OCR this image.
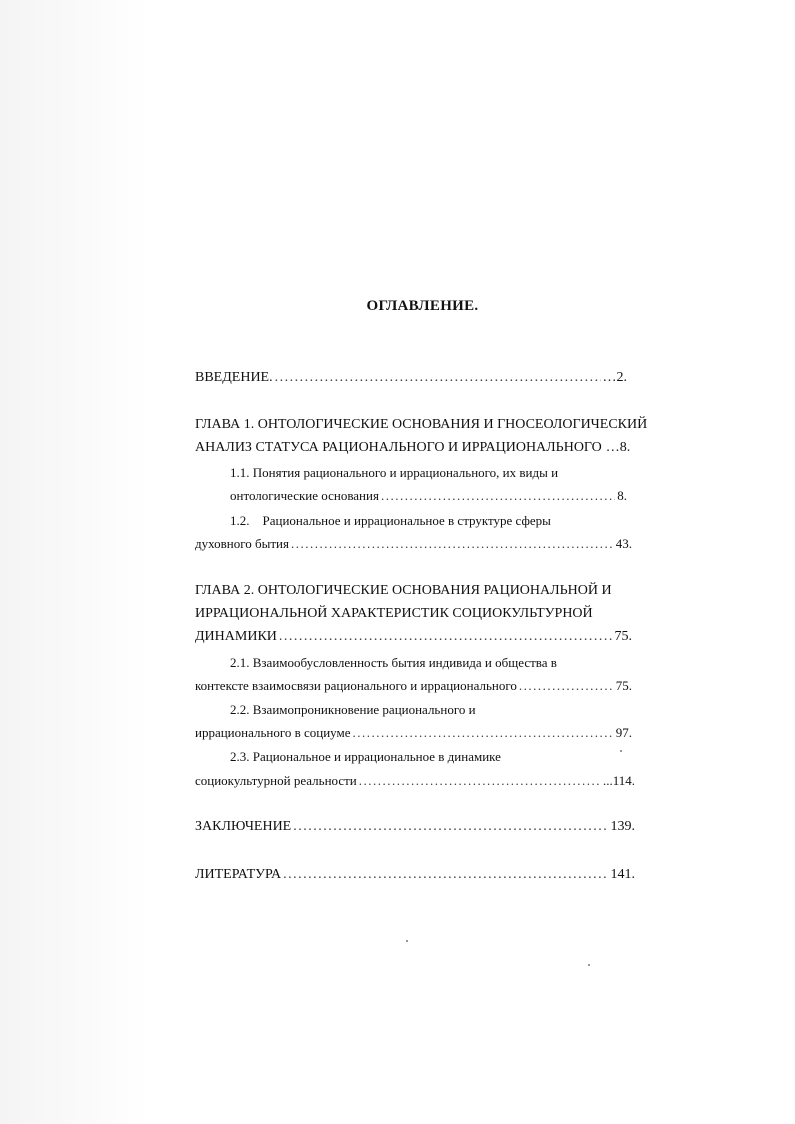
ОГЛАВЛЕНИЕ.
ВВЕДЕНИЕ. .....	…2.
ГЛАВА 1. ОНТОЛОГИЧЕСКИЕ ОСНОВАНИЯ И ГНОСЕОЛОГИЧЕСКИЙ
АНАЛИЗ СТАТУСА РАЦИОНАЛЬНОГО И ИРРАЦИОНАЛЬНОГО …8.
1.1. Понятия рационального и иррационального, их виды и
онтологические основания .....	8.
1.2.    Рациональное и иррациональное в структуре сферы
духовного бытия .....	43.
ГЛАВА 2. ОНТОЛОГИЧЕСКИЕ ОСНОВАНИЯ РАЦИОНАЛЬНОЙ И
ИРРАЦИОНАЛЬНОЙ ХАРАКТЕРИСТИК СОЦИОКУЛЬТУРНОЙ
ДИНАМИКИ .....	75.
2.1. Взаимообусловленность бытия индивида и общества в
контексте взаимосвязи рационального и иррационального .....	75.
2.2. Взаимопроникновение рационального и
иррационального в социуме .....	97.
2.3. Рациональное и иррациональное в динамике
социокультурной реальности .....	...114.
ЗАКЛЮЧЕНИЕ .....	139.
ЛИТЕРАТУРА .....	141.
